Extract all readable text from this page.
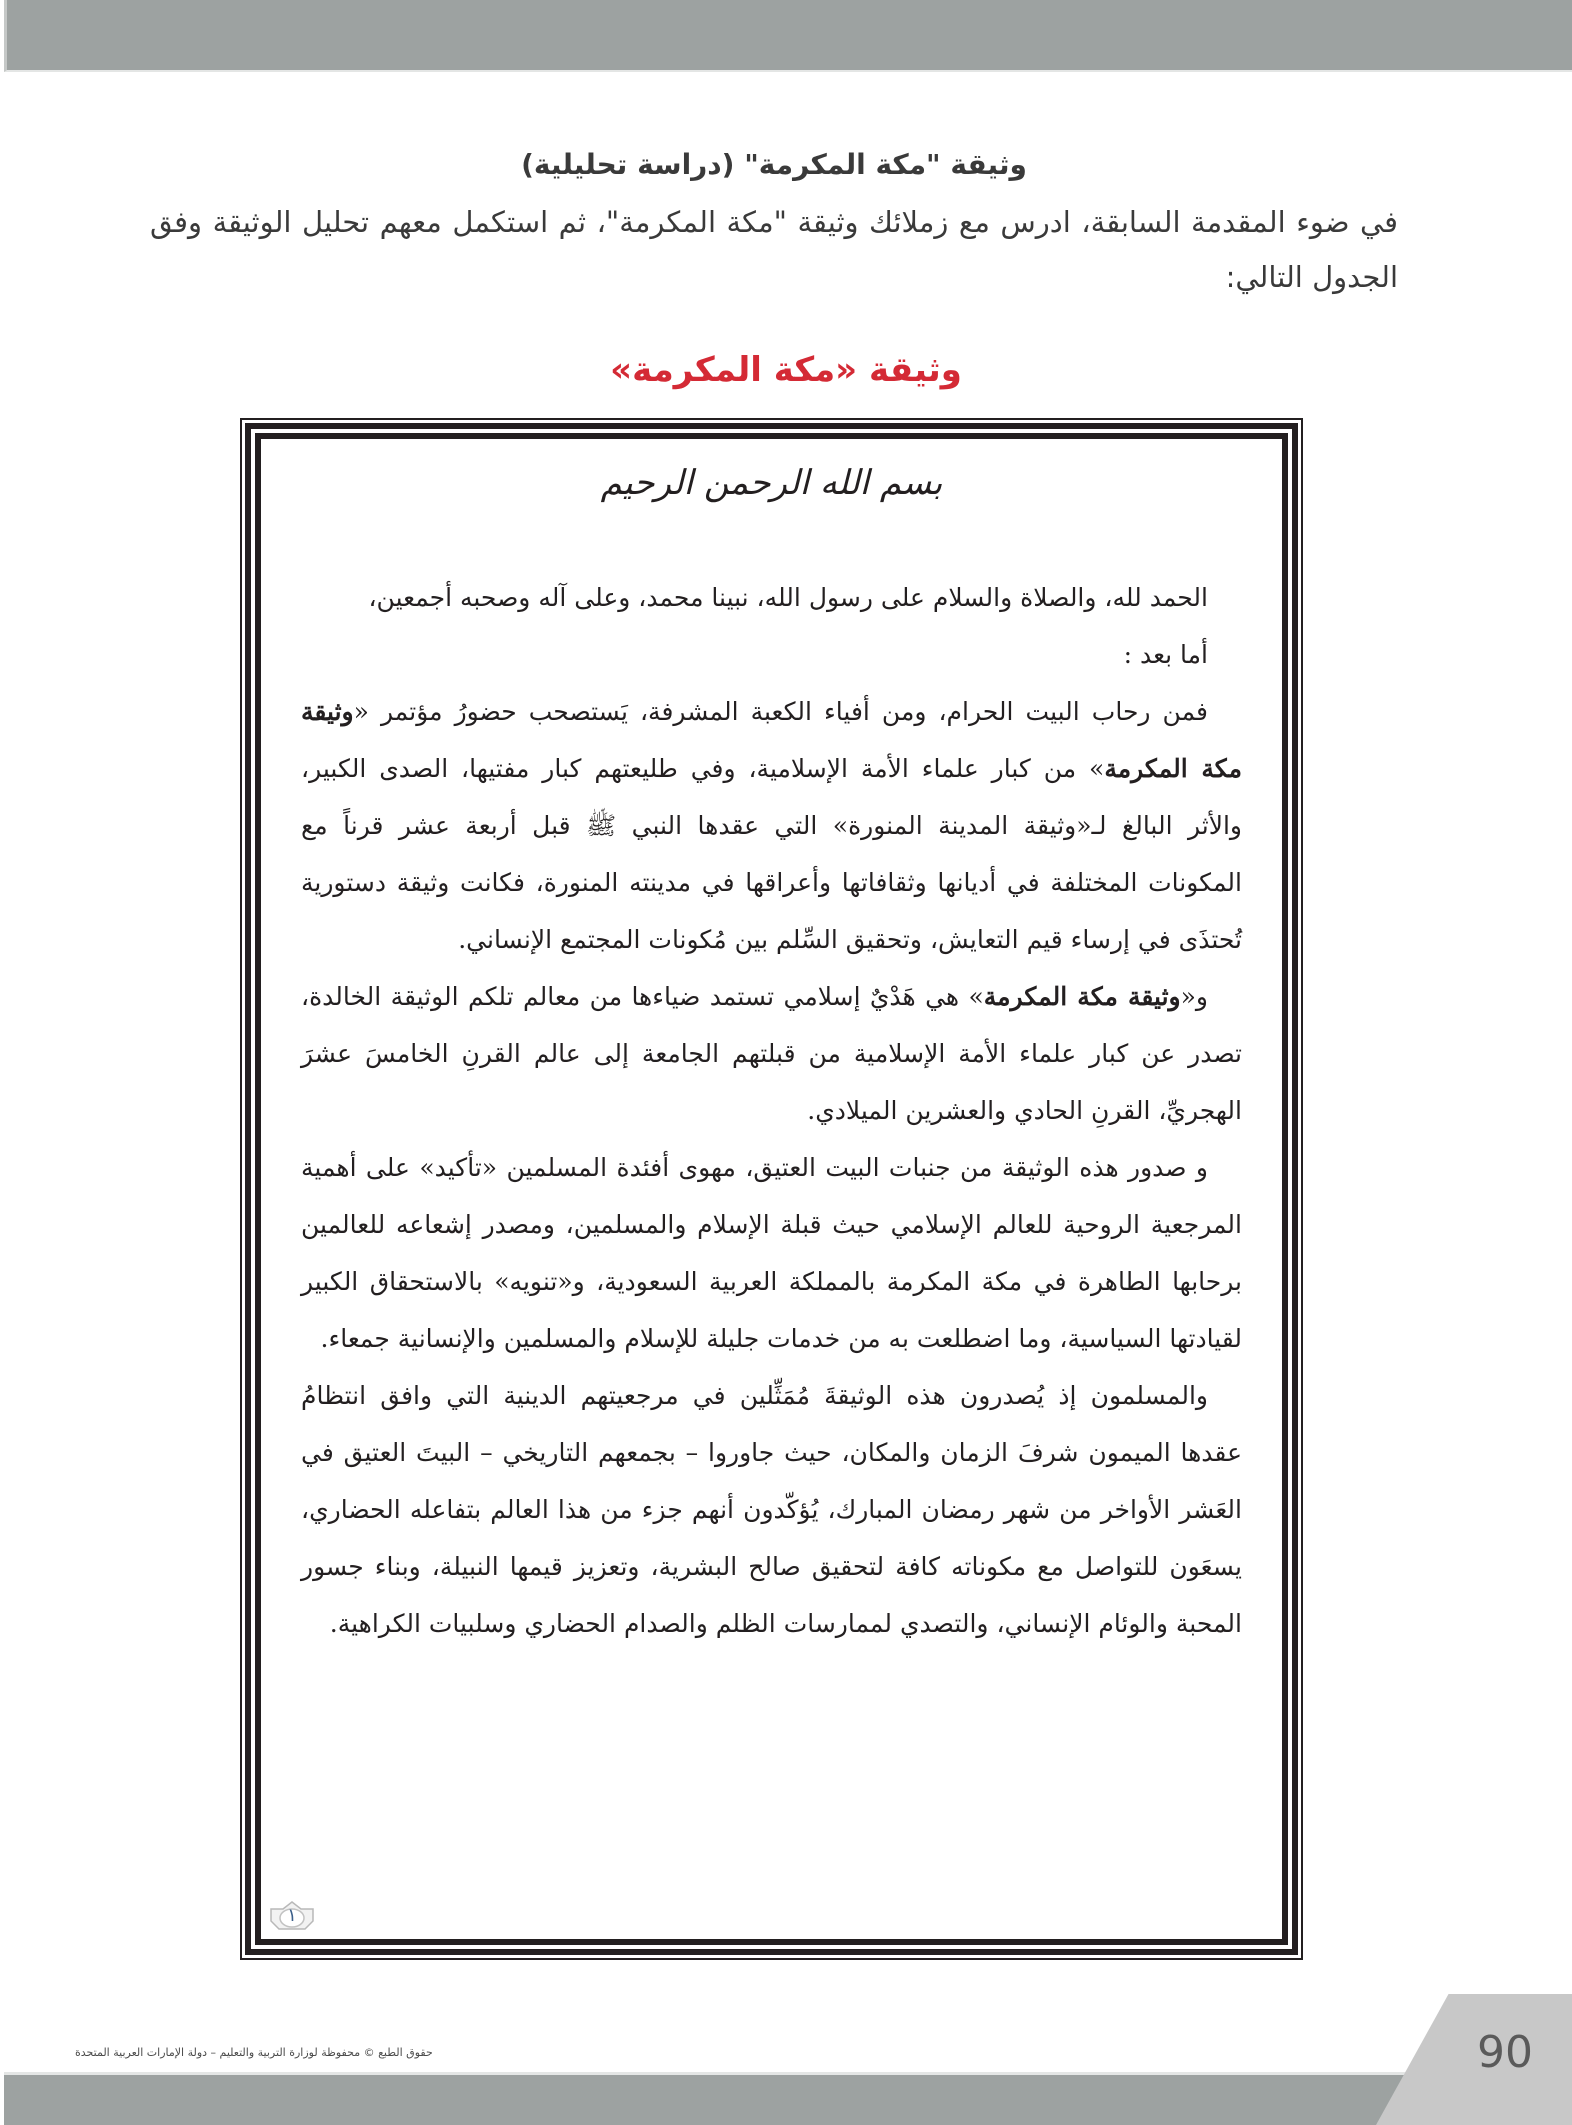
وثيقة "مكة المكرمة" (دراسة تحليلية)

في ضوء المقدمة السابقة، ادرس مع زملائك وثيقة "مكة المكرمة"، ثم استكمل معهم تحليل الوثيقة وفق الجدول التالي:

وثيقة «مكة المكرمة»
بسم الله الرحمن الرحيم

الحمد لله، والصلاة والسلام على رسول الله، نبينا محمد، وعلى آله وصحبه أجمعين،

أما بعد :

فمن رحاب البيت الحرام، ومن أفياء الكعبة المشرفة، يَستصحب حضورُ مؤتمر «وثيقة مكة المكرمة» من كبار علماء الأمة الإسلامية، وفي طليعتهم كبار مفتيها، الصدى الكبير، والأثر البالغ لـ«وثيقة المدينة المنورة» التي عقدها النبي ﷺ قبل أربعة عشر قرناً مع المكونات المختلفة في أديانها وثقافاتها وأعراقها في مدينته المنورة، فكانت وثيقة دستورية تُحتذَى في إرساء قيم التعايش، وتحقيق السِّلم بين مُكونات المجتمع الإنساني.

و«وثيقة مكة المكرمة» هي هَدْيٌ إسلامي تستمد ضياءها من معالم تلكم الوثيقة الخالدة، تصدر عن كبار علماء الأمة الإسلامية من قبلتهم الجامعة إلى عالم القرنِ الخامسَ عشرَ الهجريِّ، القرنِ الحادي والعشرين الميلادي.

و صدور هذه الوثيقة من جنبات البيت العتيق، مهوى أفئدة المسلمين «تأكيد» على أهمية المرجعية الروحية للعالم الإسلامي حيث قبلة الإسلام والمسلمين، ومصدر إشعاعه للعالمين برحابها الطاهرة في مكة المكرمة بالمملكة العربية السعودية، و«تنويه» بالاستحقاق الكبير لقيادتها السياسية، وما اضطلعت به من خدمات جليلة للإسلام والمسلمين والإنسانية جمعاء.

والمسلمون إذ يُصدرون هذه الوثيقةَ مُمَثِّلين في مرجعيتهم الدينية التي وافق انتظامُ عقدها الميمون شرفَ الزمان والمكان، حيث جاوروا – بجمعهم التاريخي – البيتَ العتيق في العَشر الأواخر من شهر رمضان المبارك، يُؤكّدون أنهم جزء من هذا العالم بتفاعله الحضاري، يسعَون للتواصل مع مكوناته كافة لتحقيق صالح البشرية، وتعزيز قيمها النبيلة، وبناء جسور المحبة والوئام الإنساني، والتصدي لممارسات الظلم والصدام الحضاري وسلبيات الكراهية.

١
حقوق الطبع © محفوظة لوزارة التربية والتعليم – دولة الإمارات العربية المتحدة	90
